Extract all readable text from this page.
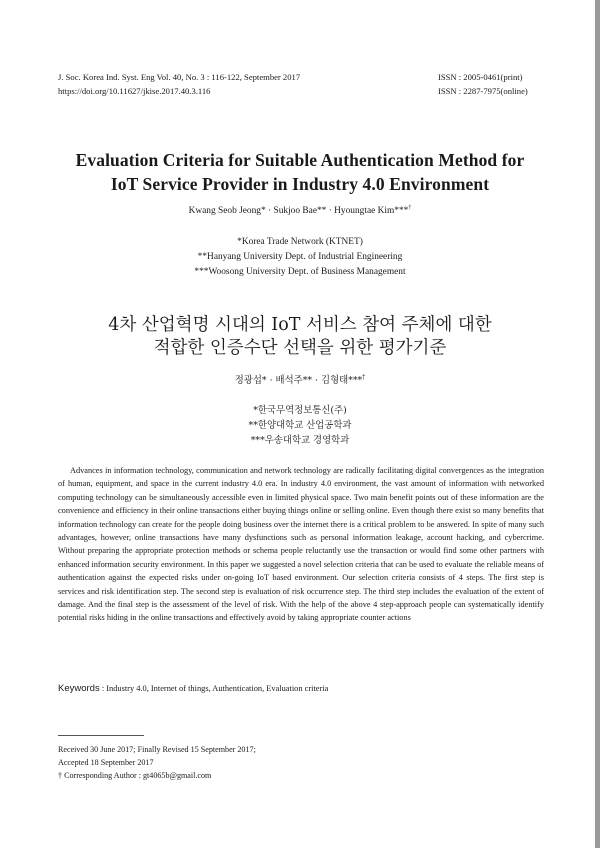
J. Soc. Korea Ind. Syst. Eng Vol. 40, No. 3 : 116-122, September 2017
https://doi.org/10.11627/jkise.2017.40.3.116
ISSN : 2005-0461(print)
ISSN : 2287-7975(online)
Evaluation Criteria for Suitable Authentication Method for
IoT Service Provider in Industry 4.0 Environment
Kwang Seob Jeong* · Sukjoo Bae** · Hyoungtae Kim***†
*Korea Trade Network (KTNET)
**Hanyang University Dept. of Industrial Engineering
***Woosong University Dept. of Business Management
4차 산업혁명 시대의 IoT 서비스 참여 주체에 대한
적합한 인증수단 선택을 위한 평가기준
정광섭* · 배석주** · 김형태***†
*한국무역정보통신(주)
**한양대학교 산업공학과
***우송대학교 경영학과

Advances in information technology, communication and network technology are radically facilitating digital convergences as the integration of human, equipment, and space in the current industry 4.0 era. In industry 4.0 environment, the vast amount of information with networked computing technology can be simultaneously accessible even in limited physical space. Two main benefit points out of these information are the convenience and efficiency in their online transactions either buying things online or selling online. Even though there exist so many benefits that information technology can create for the people doing business over the internet there is a critical problem to be answered. In spite of many such advantages, however, online transactions have many dysfunctions such as personal information leakage, account hacking, and cybercrime. Without preparing the appropriate protection methods or schema people reluctantly use the transaction or would find some other partners with enhanced information security environment. In this paper we suggested a novel selection criteria that can be used to evaluate the reliable means of authentication against the expected risks under on-going IoT based environment. Our selection criteria consists of 4 steps. The first step is services and risk identification step. The second step is evaluation of risk occurrence step. The third step includes the evaluation of the extent of damage. And the final step is the assessment of the level of risk. With the help of the above 4 step-approach people can systematically identify potential risks hiding in the online transactions and effectively avoid by taking appropriate counter actions

Keywords : Industry 4.0, Internet of things, Authentication, Evaluation criteria
Received 30 June 2017; Finally Revised 15 September 2017;
Accepted 18 September 2017
† Corresponding Author : gt4065b@gmail.com
